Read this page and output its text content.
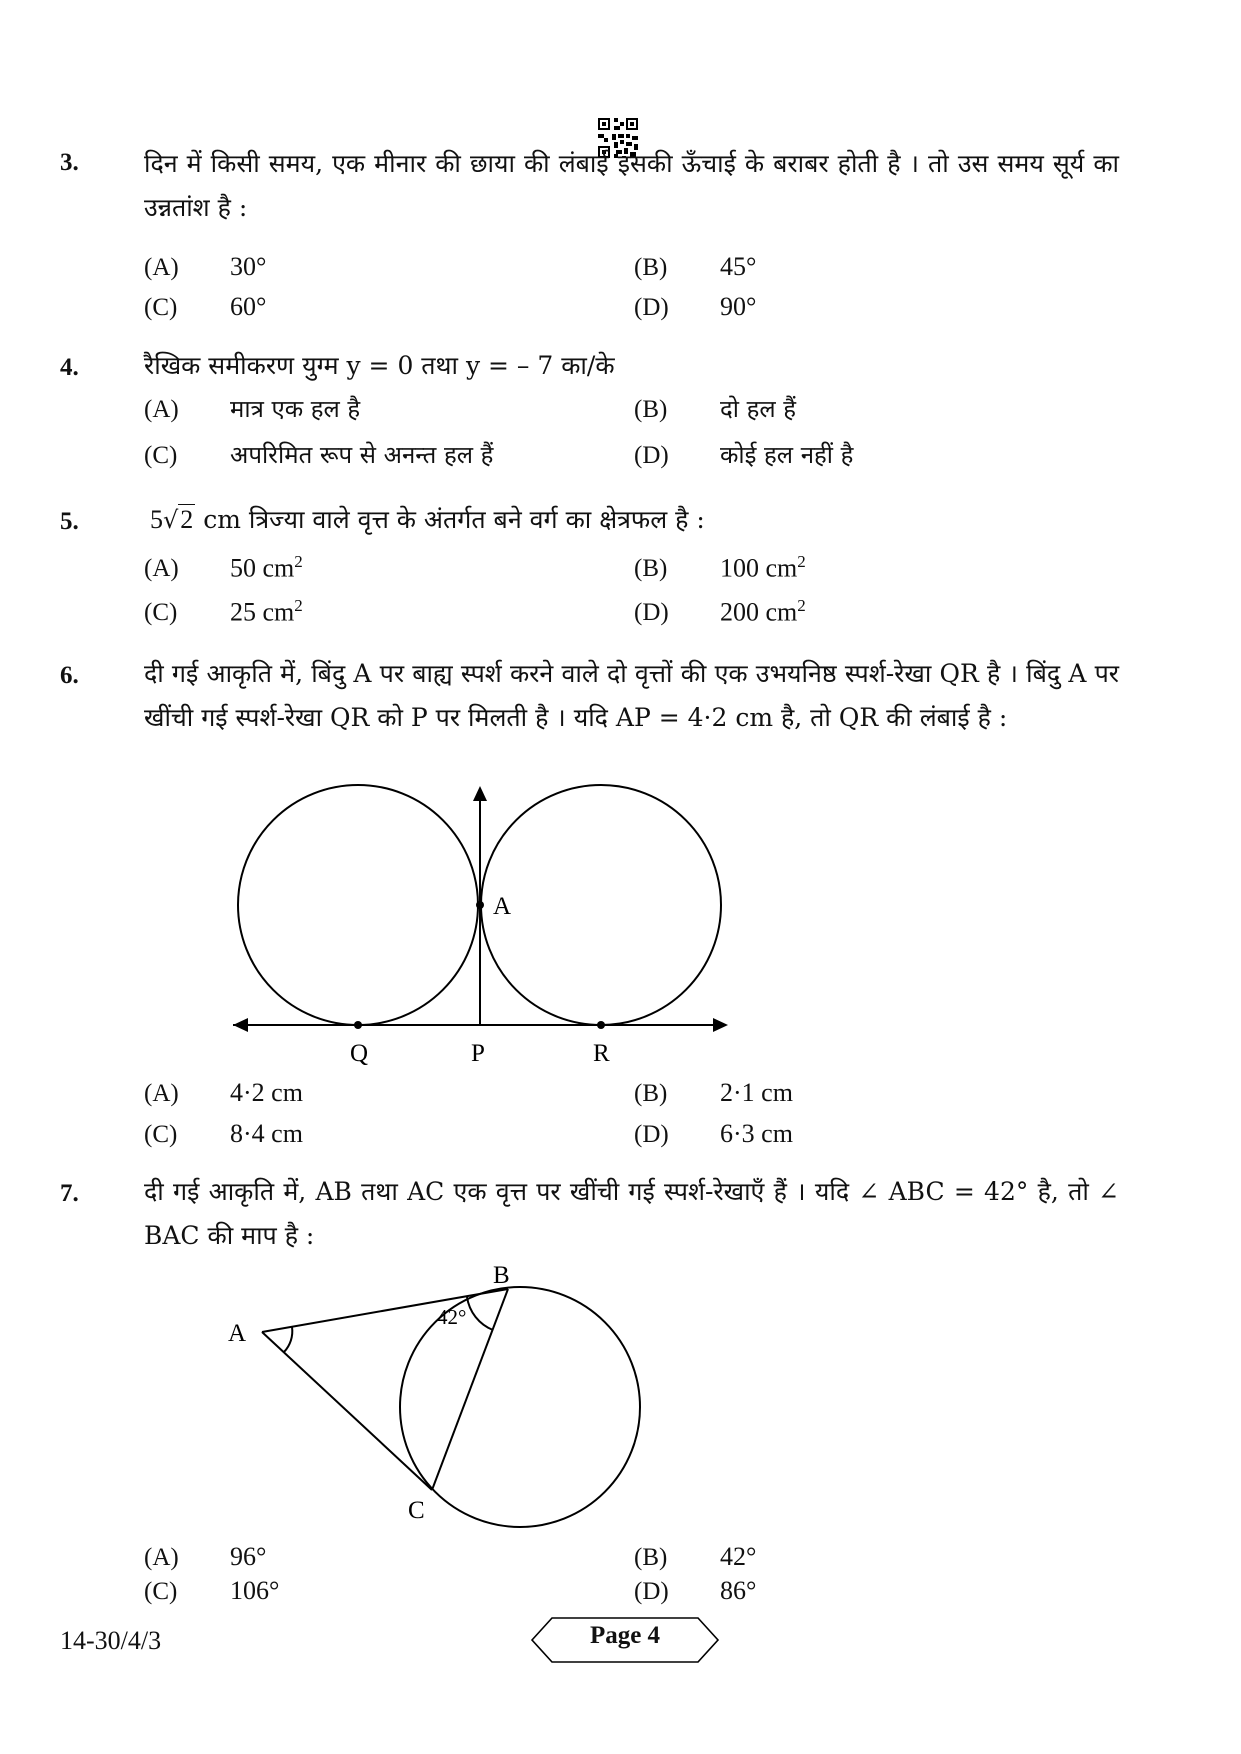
3.	दिन में किसी समय, एक मीनार की छाया की लंबाई इसकी ऊँचाई के बराबर होती है । तो उस समय सूर्य का उन्नतांश है :
(A) 30°	(B) 45°
(C) 60°	(D) 90°
4.	रैखिक समीकरण युग्म y = 0 तथा y = – 7 का/के
(A) मात्र एक हल है	(B) दो हल हैं
(C) अपरिमित रूप से अनन्त हल हैं	(D) कोई हल नहीं है
5.	5√2 cm त्रिज्या वाले वृत्त के अंतर्गत बने वर्ग का क्षेत्रफल है :
(A) 50 $cm^2$	(B) 100 $cm^2$
(C) 25 $cm^2$	(D) 200 $cm^2$
6.	दी गई आकृति में, बिंदु A पर बाह्य स्पर्श करने वाले दो वृत्तों की एक उभयनिष्ठ स्पर्श-रेखा QR है । बिंदु A पर खींची गई स्पर्श-रेखा QR को P पर मिलती है । यदि AP = 4·2 cm है, तो QR की लंबाई है :
A
Q	P	R
A
B
C
42°
(A) 4·2 cm	(B) 2·1 cm
(C) 8·4 cm	(D) 6·3 cm
7.	दी गई आकृति में, AB तथा AC एक वृत्त पर खींची गई स्पर्श-रेखाएँ हैं । यदि ∠ ABC = 42° है, तो ∠ BAC की माप है :
(A) 96°	(B) 42°
(C) 106°	(D) 86°
14-30/4/3	Page 4
